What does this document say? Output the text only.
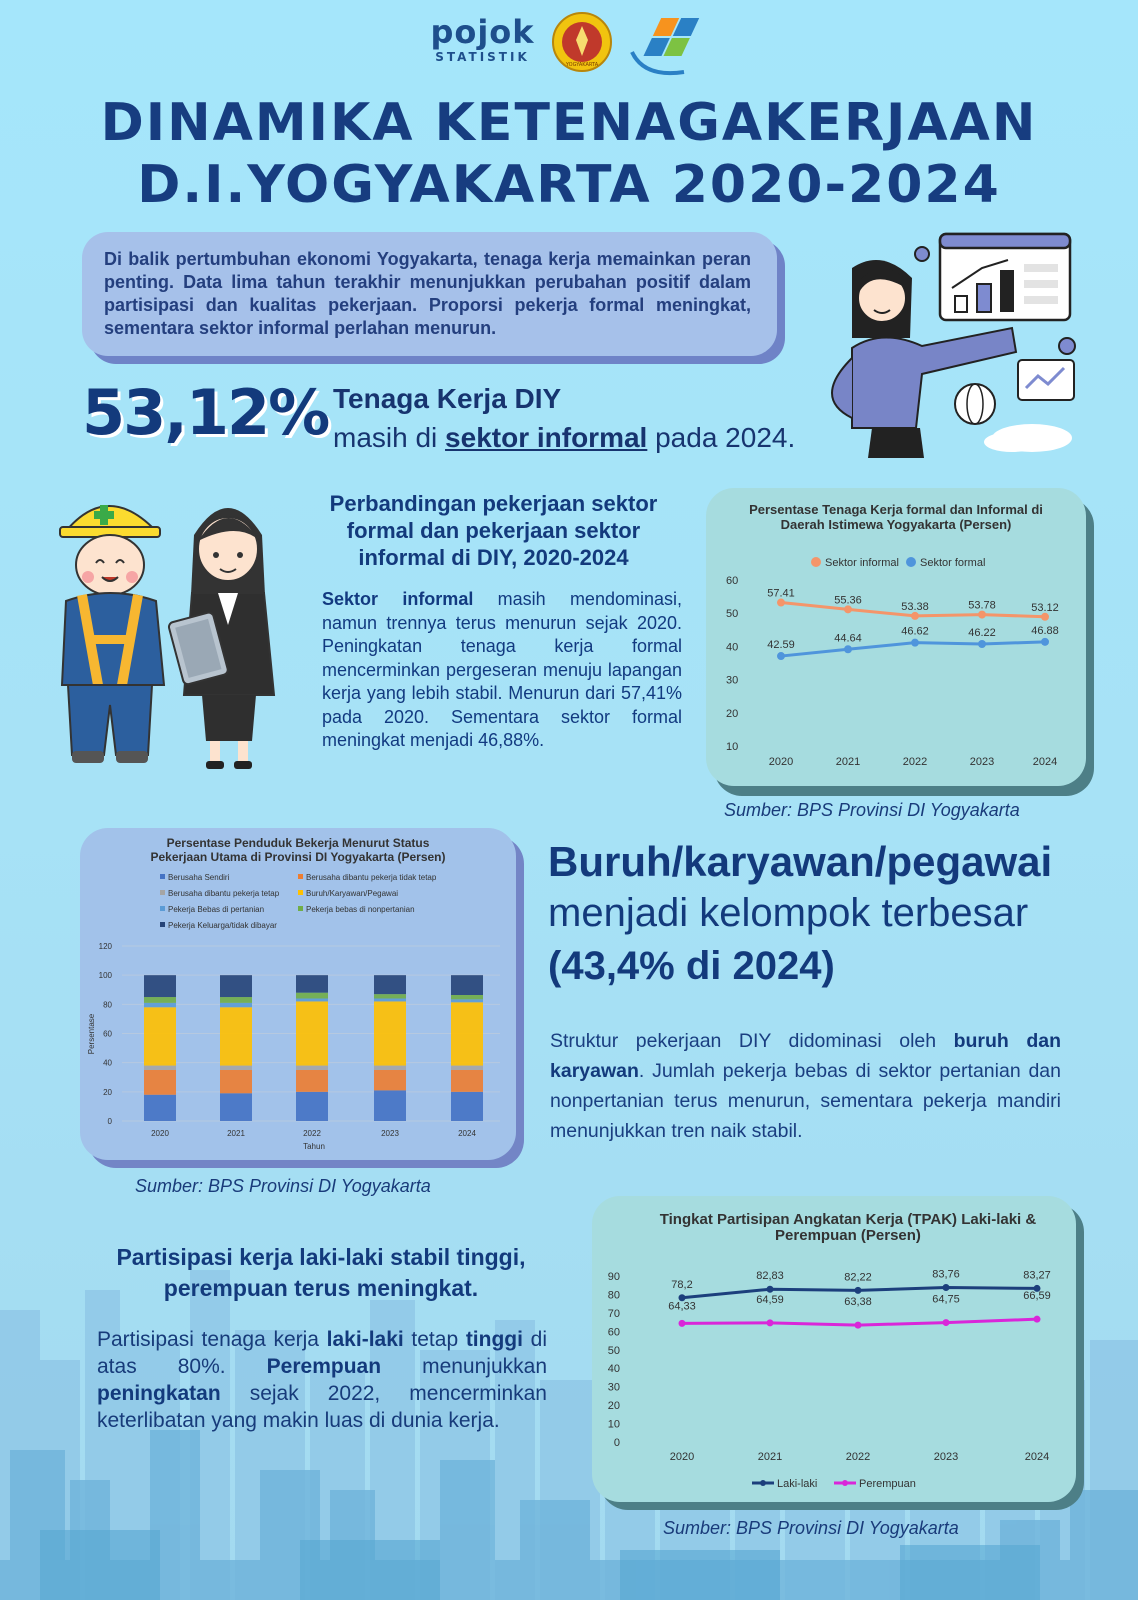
pojok
STATISTIK
YOGYAKARTA
DINAMIKA KETENAGAKERJAAN
D.I.YOGYAKARTA 2020-2024

Di balik pertumbuhan ekonomi Yogyakarta, tenaga kerja memainkan peran penting. Data lima tahun terakhir menunjukkan perubahan positif dalam partisipasi dan kualitas pekerjaan. Proporsi pekerja formal meningkat, sementara sektor informal perlahan menurun.

53,12% Tenaga Kerja DIY
masih di sektor informal pada 2024.
Perbandingan pekerjaan sektor formal dan pekerjaan sektor informal di DIY, 2020-2024

Sektor informal masih mendominasi, namun trennya terus menurun sejak 2020. Peningkatan tenaga kerja formal mencerminkan pergeseran menuju lapangan kerja yang lebih stabil. Menurun dari 57,41% pada 2020. Sementara sektor formal meningkat menjadi 46,88%.

Persentase Tenaga Kerja formal dan Informal di
Daerah Istimewa Yogyakarta (Persen)
Sektor informal Sektor formal
60
50
40
30
20
10
2020	2021	2022	2023	2024
57.41
55.36
53.38	53.78	53.12
42.59
44.64
46.62	46.22	46.88
Sumber: BPS Provinsi DI Yogyakarta
Persentase Penduduk Bekerja Menurut Status
Pekerjaan Utama di Provinsi DI Yogyakarta (Persen)
Berusaha Sendiri	Berusaha dibantu pekerja tidak tetap
Berusaha dibantu pekerja tetap	Buruh/Karyawan/Pegawai
Pekerja Bebas di pertanian	Pekerja bebas di nonpertanian
Pekerja Keluarga/tidak dibayar
0
20
40
60
80
100
120
Persentase
Tahun
2020	2021	2022	2023	2024
Sumber: BPS Provinsi DI Yogyakarta
Buruh/karyawan/pegawai
menjadi kelompok terbesar
(43,4% di 2024)

Struktur pekerjaan DIY didominasi oleh buruh dan karyawan. Jumlah pekerja bebas di sektor pertanian dan nonpertanian terus menurun, sementara pekerja mandiri menunjukkan tren naik stabil.

Tingkat Partisipan Angkatan Kerja (TPAK) Laki-laki &
Perempuan (Persen)
90
80
70
60
50
40
30
20
10
0
2020	2021	2022	2023	2024
78,2
82,83	82,22	83,76	83,27
64,33
64,59	63,38	64,75	66,59
Laki-laki	Perempuan
Sumber: BPS Provinsi DI Yogyakarta
Partisipasi kerja laki-laki stabil tinggi, perempuan terus meningkat.

Partisipasi tenaga kerja laki-laki tetap tinggi di atas 80%. Perempuan menunjukkan peningkatan sejak 2022, mencerminkan keterlibatan yang makin luas di dunia kerja.
